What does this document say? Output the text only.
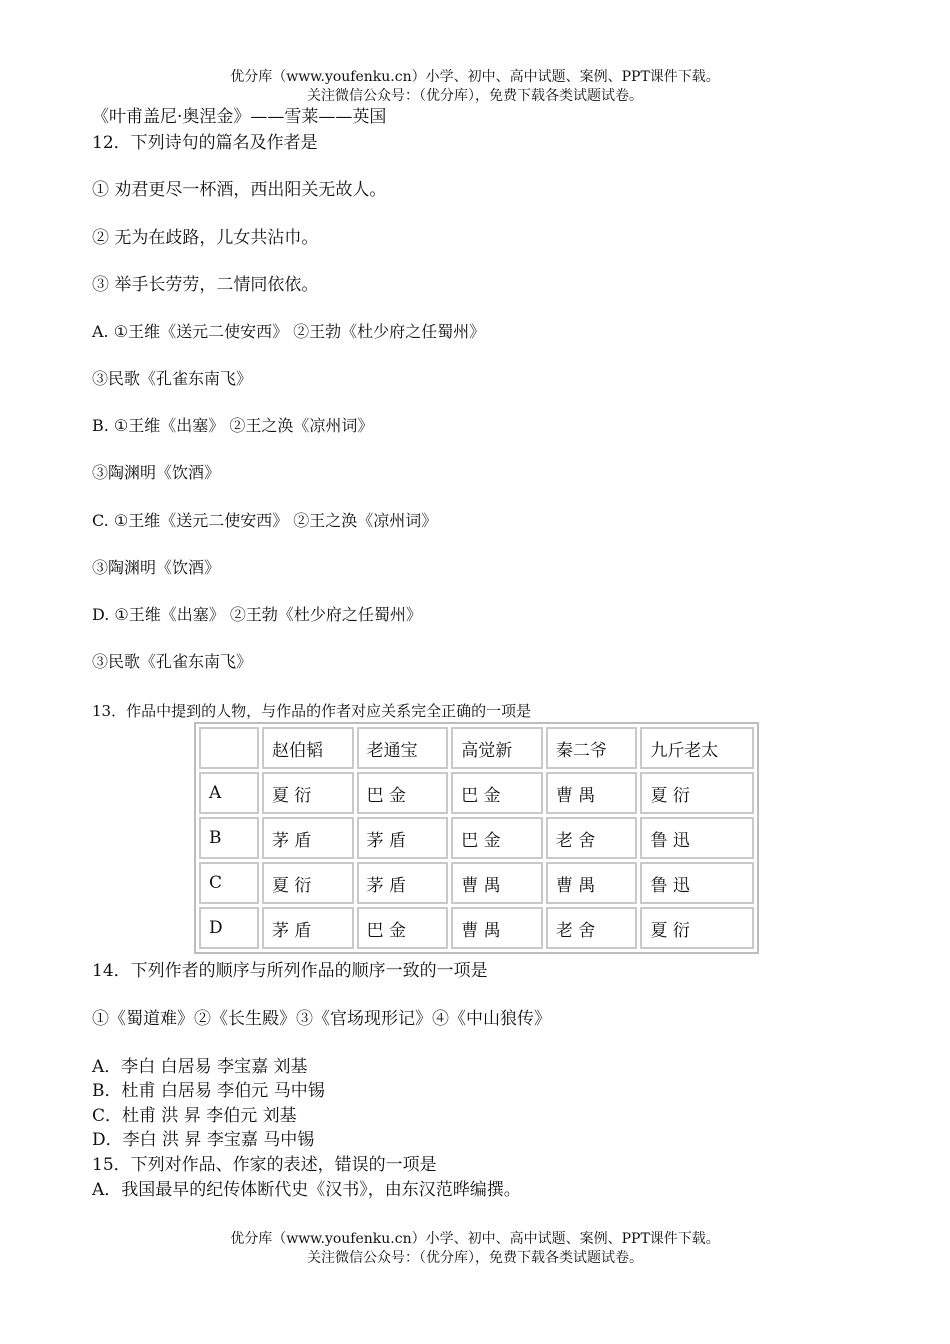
优分库（www.youfenku.cn）小学、初中、高中试题、案例、PPT课件下载。
关注微信公众号：（优分库），免费下载各类试题试卷。
《叶甫盖尼·奥涅金》——雪莱——英国
12．下列诗句的篇名及作者是
① 劝君更尽一杯酒，西出阳关无故人。
② 无为在歧路，儿女共沾巾。
③ 举手长劳劳，二情同依依。
A. ①王维《送元二使安西》 ②王勃《杜少府之任蜀州》
③民歌《孔雀东南飞》
B. ①王维《出塞》 ②王之涣《凉州词》
③陶渊明《饮酒》
C. ①王维《送元二使安西》 ②王之涣《凉州词》
③陶渊明《饮酒》
D. ①王维《出塞》 ②王勃《杜少府之任蜀州》
③民歌《孔雀东南飞》
13．作品中提到的人物，与作品的作者对应关系完全正确的一项是
	赵伯韬	老通宝	高觉新	秦二爷	九斤老太
A	夏 衍	巴 金	巴 金	曹 禺	夏 衍
B	茅 盾	茅 盾	巴 金	老 舍	鲁 迅
C	夏 衍	茅 盾	曹 禺	曹 禺	鲁 迅
D	茅 盾	巴 金	曹 禺	老 舍	夏 衍
14．下列作者的顺序与所列作品的顺序一致的一项是
①《蜀道难》②《长生殿》③《官场现形记》④《中山狼传》
A．李白 白居易 李宝嘉 刘基
B．杜甫 白居易 李伯元 马中锡
C．杜甫 洪 昇 李伯元 刘基
D．李白 洪 昇 李宝嘉 马中锡
15．下列对作品、作家的表述，错误的一项是
A．我国最早的纪传体断代史《汉书》，由东汉范晔编撰。
优分库（www.youfenku.cn）小学、初中、高中试题、案例、PPT课件下载。
关注微信公众号：（优分库），免费下载各类试题试卷。
